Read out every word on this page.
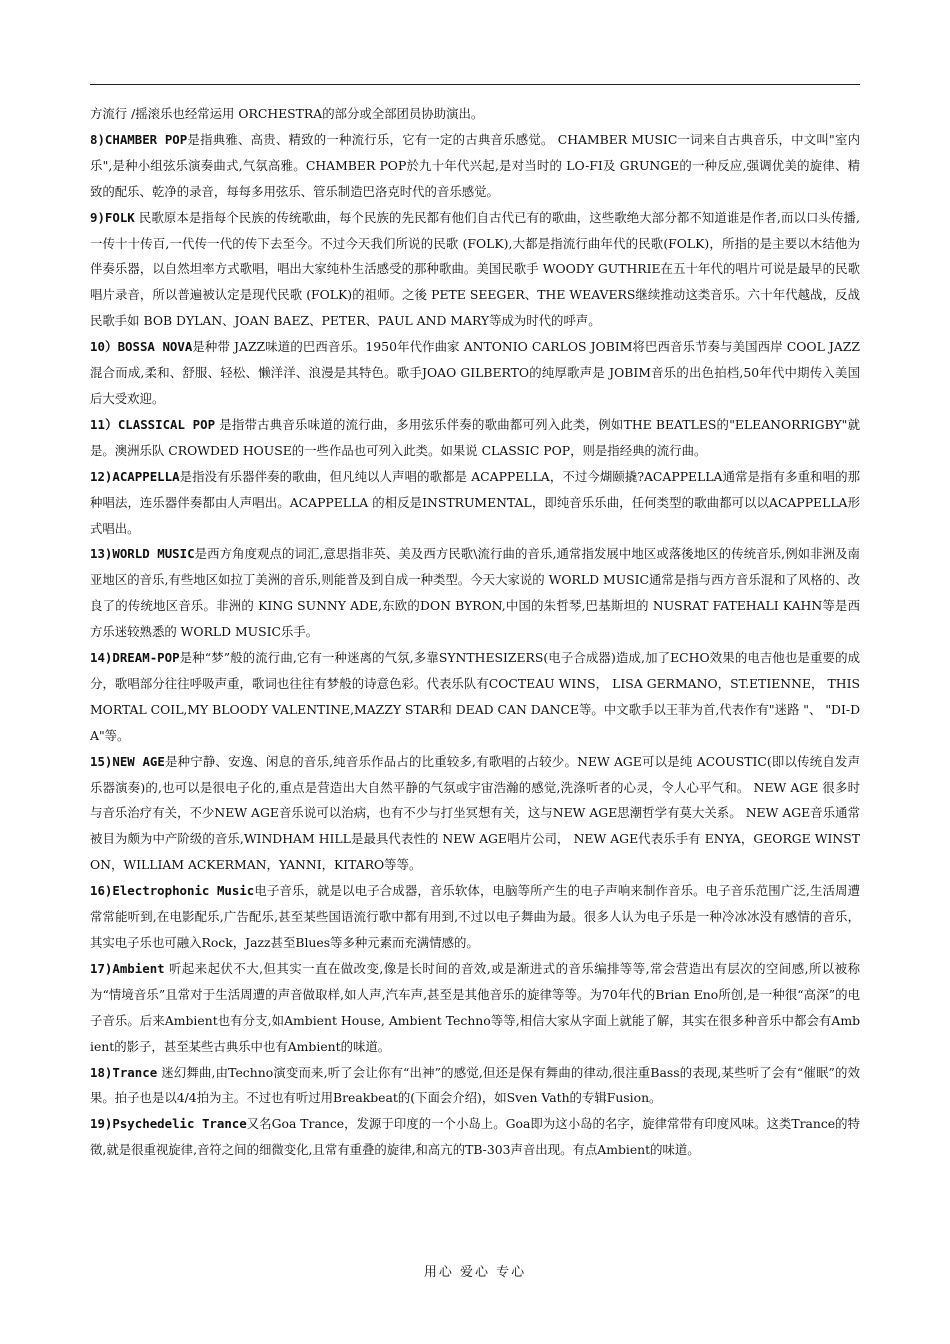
方流行 /摇滚乐也经常运用 ORCHESTRA的部分或全部团员协助演出。

8)CHAMBER POP是指典雅、高贵、精致的一种流行乐，它有一定的古典音乐感觉。 CHAMBER MUSIC一词来自古典音乐，中文叫"室内乐",是种小组弦乐演奏曲式,气氛高雅。CHAMBER POP於九十年代兴起,是对当时的 LO-FI及 GRUNGE的一种反应,强调优美的旋律、精致的配乐、乾净的录音，每每多用弦乐、管乐制造巴洛克时代的音乐感觉。

9)FOLK 民歌原本是指每个民族的传统歌曲，每个民族的先民都有他们自古代已有的歌曲，这些歌绝大部分都不知道谁是作者,而以口头传播,一传十十传百,一代传一代的传下去至今。不过今天我们所说的民歌 (FOLK),大都是指流行曲年代的民歌(FOLK)，所指的是主要以木结他为伴奏乐器，以自然坦率方式歌唱，唱出大家纯朴生活感受的那种歌曲。美国民歌手 WOODY GUTHRIE在五十年代的唱片可说是最早的民歌唱片录音，所以普遍被认定是现代民歌 (FOLK)的祖师。之後 PETE SEEGER、THE WEAVERS继续推动这类音乐。六十年代越战，反战民歌手如 BOB DYLAN、JOAN BAEZ、PETER、PAUL AND MARY等成为时代的呼声。

10）BOSSA NOVA是种带 JAZZ味道的巴西音乐。1950年代作曲家 ANTONIO CARLOS JOBIM将巴西音乐节奏与美国西岸 COOL JAZZ混合而成,柔和、舒服、轻松、懒洋洋、浪漫是其特色。歌手JOAO GILBERTO的纯厚歌声是 JOBIM音乐的出色拍档,50年代中期传入美国后大受欢迎。

11）CLASSICAL POP 是指带古典音乐味道的流行曲，多用弦乐伴奏的歌曲都可列入此类，例如THE BEATLES的"ELEANORRIGBY"就是。澳洲乐队 CROWDED HOUSE的一些作品也可列入此类。如果说 CLASSIC POP，则是指经典的流行曲。

12)ACAPPELLA是指没有乐器伴奏的歌曲，但凡纯以人声唱的歌都是 ACAPPELLA，不过今煳颐撬?ACAPPELLA通常是指有多重和唱的那种唱法，连乐器伴奏都由人声唱出。ACAPPELLA 的相反是INSTRUMENTAL，即纯音乐乐曲，任何类型的歌曲都可以以ACAPPELLA形式唱出。

13)WORLD MUSIC是西方角度观点的词汇,意思指非英、美及西方民歌\流行曲的音乐,通常指发展中地区或落後地区的传统音乐,例如非洲及南亚地区的音乐,有些地区如拉丁美洲的音乐,则能普及到自成一种类型。今天大家说的 WORLD MUSIC通常是指与西方音乐混和了风格的、改良了的传统地区音乐。非洲的 KING SUNNY ADE,东欧的DON BYRON,中国的朱哲琴,巴基斯坦的 NUSRAT FATEHALI KAHN等是西方乐迷较熟悉的 WORLD MUSIC乐手。

14)DREAM-POP是种“梦”般的流行曲,它有一种迷离的气氛,多靠SYNTHESIZERS(电子合成器)造成,加了ECHO效果的电吉他也是重要的成分，歌唱部分往往呼吸声重，歌词也往往有梦般的诗意色彩。代表乐队有COCTEAU WINS， LISA GERMANO，ST.ETIENNE， THIS MORTAL COIL,MY BLOODY VALENTINE,MAZZY STAR和 DEAD CAN DANCE等。中文歌手以王菲为首,代表作有"迷路 "、 "DI-DA"等。

15)NEW AGE是种宁静、安逸、闲息的音乐,纯音乐作品占的比重较多,有歌唱的占较少。NEW AGE可以是纯 ACOUSTIC(即以传统自发声乐器演奏)的,也可以是很电子化的,重点是营造出大自然平静的气氛或宇宙浩瀚的感觉,洗涤听者的心灵，令人心平气和。 NEW AGE 很多时与音乐治疗有关，不少NEW AGE音乐说可以治病，也有不少与打坐冥想有关，这与NEW AGE思潮哲学有莫大关系。 NEW AGE音乐通常被目为颇为中产阶级的音乐,WINDHAM HILL是最具代表性的 NEW AGE唱片公司， NEW AGE代表乐手有 ENYA，GEORGE WINSTON，WILLIAM ACKERMAN，YANNI，KITARO等等。

16)Electrophonic Music电子音乐，就是以电子合成器，音乐软体，电脑等所产生的电子声响来制作音乐。电子音乐范围广泛,生活周遭常常能听到,在电影配乐,广告配乐,甚至某些国语流行歌中都有用到,不过以电子舞曲为最。很多人认为电子乐是一种冷冰冰没有感情的音乐，其实电子乐也可融入Rock，Jazz甚至Blues等多种元素而充满情感的。

17)Ambient 听起来起伏不大,但其实一直在做改变,像是长时间的音效,或是渐进式的音乐编排等等,常会营造出有层次的空间感,所以被称为“情境音乐”且常对于生活周遭的声音做取样,如人声,汽车声,甚至是其他音乐的旋律等等。为70年代的Brian Eno所创,是一种很“高深”的电子音乐。后来Ambient也有分支,如Ambient House, Ambient Techno等等,相信大家从字面上就能了解，其实在很多种音乐中都会有Ambient的影子，甚至某些古典乐中也有Ambient的味道。

18)Trance 迷幻舞曲,由Techno演变而来,听了会让你有“出神”的感觉,但还是保有舞曲的律动,很注重Bass的表现,某些听了会有“催眠”的效果。拍子也是以4/4拍为主。不过也有听过用Breakbeat的(下面会介绍)，如Sven Vath的专辑Fusion。

19)Psychedelic Trance又名Goa Trance，发源于印度的一个小岛上。Goa即为这小岛的名字，旋律常带有印度风味。这类Trance的特徵,就是很重视旋律,音符之间的细微变化,且常有重叠的旋律,和高亢的TB-303声音出现。有点Ambient的味道。

用心 爱心 专心
